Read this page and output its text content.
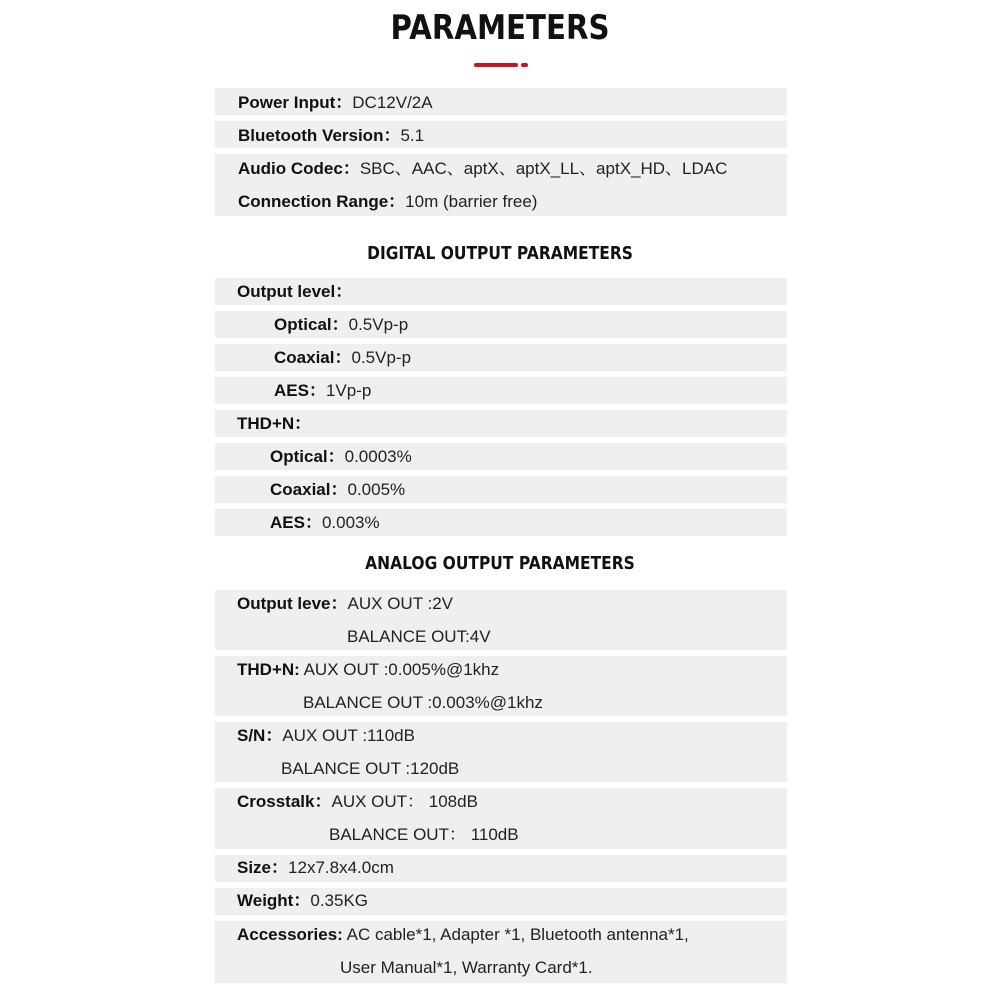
PARAMETERS
Power Input：DC12V/2A
Bluetooth Version：5.1
Audio Codec：SBC、AAC、aptX、aptX_LL、aptX_HD、LDAC
Connection Range：10m (barrier free)
DIGITAL OUTPUT PARAMETERS
Output level：
Optical：0.5Vp-p
Coaxial：0.5Vp-p
AES：1Vp-p
THD+N：
Optical：0.0003%
Coaxial：0.005%
AES：0.003%
ANALOG OUTPUT PARAMETERS
Output leve：AUX OUT :2V
BALANCE OUT:4V
THD+N: AUX OUT :0.005%@1khz
BALANCE OUT :0.003%@1khz
S/N：AUX OUT :110dB
BALANCE OUT :120dB
Crosstalk：AUX OUT： 108dB
BALANCE OUT： 110dB
Size：12x7.8x4.0cm
Weight：0.35KG
Accessories: AC cable*1, Adapter *1, Bluetooth antenna*1,
User Manual*1, Warranty Card*1.
